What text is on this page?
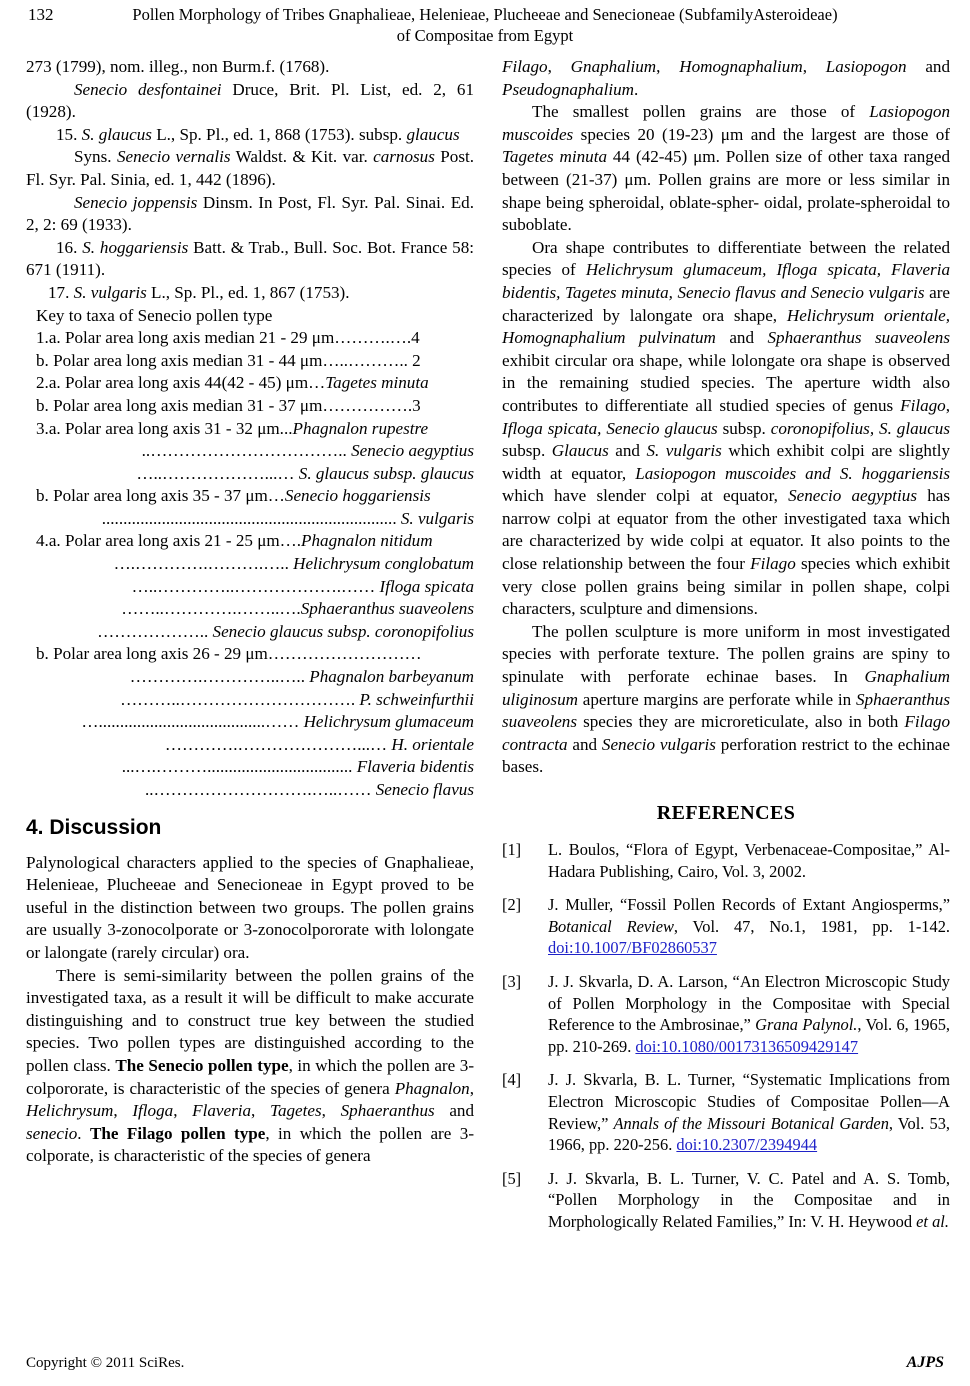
132	Pollen Morphology of Tribes Gnaphalieae, Helenieae, Plucheeae and Senecioneae (SubfamilyAsteroideae)
of Compositae from Egypt

273 (1799), nom. illeg., non Burm.f. (1768).

Senecio desfontainei Druce, Brit. Pl. List, ed. 2, 61 (1928).

15. S. glaucus L., Sp. Pl., ed. 1, 868 (1753). subsp. glaucus

Syns. Senecio vernalis Waldst. & Kit. var. carnosus Post. Fl. Syr. Pal. Sinia, ed. 1, 442 (1896).

Senecio joppensis Dinsm. In Post, Fl. Syr. Pal. Sinai. Ed. 2, 2: 69 (1933).

16. S. hoggariensis Batt. & Trab., Bull. Soc. Bot. France 58: 671 (1911).

17. S. vulgaris L., Sp. Pl., ed. 1, 867 (1753).

Key to taxa of Senecio pollen type
1.a. Polar area long axis median 21 - 29 μm……….….4
b. Polar area long axis median 31 - 44 μm…..……….. 2
2.a. Polar area long axis 44(42 - 45) μm…Tagetes minuta
b. Polar area long axis median 31 - 37 μm…………….3
3.a. Polar area long axis 31 - 32 μm...Phagnalon rupestre
..…………………………….. Senecio aegyptius
…..………………...… S. glaucus subsp. glaucus
b. Polar area long axis 35 - 37 μm…Senecio hoggariensis
..................................................................... S. vulgaris
4.a. Polar area long axis 21 - 25 μm….Phagnalon nitidum
….………….……….….. Helichrysum conglobatum
…..…………..……………….…… Ifloga spicata
……..………….……..….Sphaeranthus suaveolens
……………….. Senecio glaucus subsp. coronopifolius
b. Polar area long axis 26 - 29 μm………………………
………….…………..….. Phagnalon barbeyanum
………..…………………………. P. schweinfurthii
….......................................…… Helichrysum glumaceum
………….…………………...… H. orientale
...….……….................................. Flaveria bidentis
..……………………….…..…… Senecio flavus
4. Discussion

Palynological characters applied to the species of Gnaphalieae, Helenieae, Plucheeae and Senecioneae in Egypt proved to be useful in the distinction between two groups. The pollen grains are usually 3-zonocolporate or 3-zonocolpororate with lolongate or lalongate (rarely circular) ora.

There is semi-similarity between the pollen grains of the investigated taxa, as a result it will be difficult to make accurate distinguishing and to construct true key between the studied species. Two pollen types are distinguished according to the pollen class. The Senecio pollen type, in which the pollen are 3-colpororate, is characteristic of the species of genera Phagnalon, Helichrysum, Ifloga, Flaveria, Tagetes, Sphaeranthus and senecio. The Filago pollen type, in which the pollen are 3-colporate, is characteristic of the species of genera

Filago, Gnaphalium, Homognaphalium, Lasiopogon and Pseudognaphalium.

The smallest pollen grains are those of Lasiopogon muscoides species 20 (19-23) μm and the largest are those of Tagetes minuta 44 (42-45) μm. Pollen size of other taxa ranged between (21-37) μm. Pollen grains are more or less similar in shape being spheroidal, oblate-spher- oidal, prolate-spheroidal to suboblate.

Ora shape contributes to differentiate between the related species of Helichrysum glumaceum, Ifloga spicata, Flaveria bidentis, Tagetes minuta, Senecio flavus and Senecio vulgaris are characterized by lalongate ora shape, Helichrysum orientale, Homognaphalium pulvinatum and Sphaeranthus suaveolens exhibit circular ora shape, while lolongate ora shape is observed in the remaining studied species. The aperture width also contributes to differentiate all studied species of genus Filago, Ifloga spicata, Senecio glaucus subsp. coronopifolius, S. glaucus subsp. Glaucus and S. vulgaris which exhibit colpi are slightly width at equator, Lasiopogon muscoides and S. hoggariensis which have slender colpi at equator, Senecio aegyptius has narrow colpi at equator from the other investigated taxa which are characterized by wide colpi at equator. It also points to the close relationship between the four Filago species which exhibit very close pollen grains being similar in pollen shape, colpi characters, sculpture and dimensions.

The pollen sculpture is more uniform in most investigated species with perforate texture. The pollen grains are spiny to spinulate with perforate echinae bases. In Gnaphalium uliginosum aperture margins are perforate while in Sphaeranthus suaveolens species they are microreticulate, also in both Filago contracta and Senecio vulgaris perforation restrict to the echinae bases.

REFERENCES
[1]	L. Boulos, “Flora of Egypt, Verbenaceae-Compositae,” Al-Hadara Publishing, Cairo, Vol. 3, 2002.
[2]	J. Muller, “Fossil Pollen Records of Extant Angiosperms,” Botanical Review, Vol. 47, No.1, 1981, pp. 1-142. doi:10.1007/BF02860537
[3]	J. J. Skvarla, D. A. Larson, “An Electron Microscopic Study of Pollen Morphology in the Compositae with Special Reference to the Ambrosinae,” Grana Palynol., Vol. 6, 1965, pp. 210-269. doi:10.1080/00173136509429147
[4]	J. J. Skvarla, B. L. Turner, “Systematic Implications from Electron Microscopic Studies of Compositae Pollen—A Review,” Annals of the Missouri Botanical Garden, Vol. 53, 1966, pp. 220-256. doi:10.2307/2394944
[5]	J. J. Skvarla, B. L. Turner, V. C. Patel and A. S. Tomb, “Pollen Morphology in the Compositae and in Morphologically Related Families,” In: V. H. Heywood et al.
Copyright © 2011 SciRes.	AJPS
